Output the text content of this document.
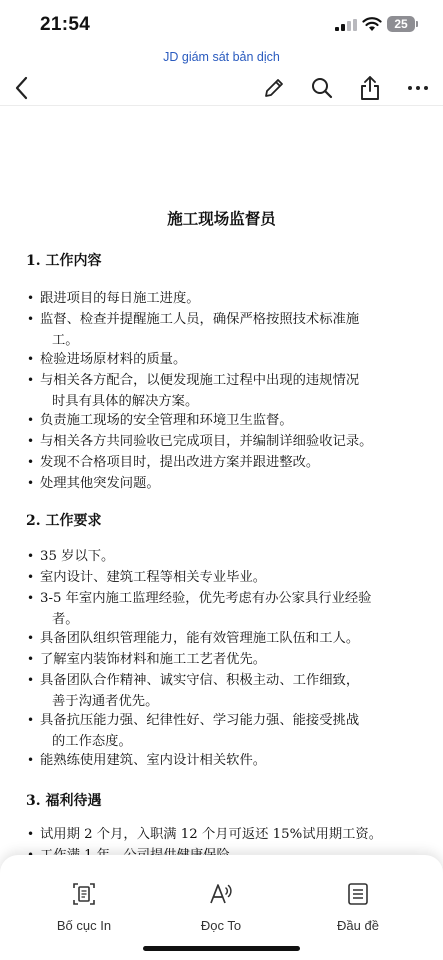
21:54	25
JD giám sát bản dịch
施工现场监督员
1. 工作内容
• 跟进项目的每日施工进度。
• 监督、检查并提醒施工人员，确保严格按照技术标准施
工。
• 检验进场原材料的质量。
• 与相关各方配合，以便发现施工过程中出现的违规情况
时具有具体的解决方案。
• 负责施工现场的安全管理和环境卫生监督。
• 与相关各方共同验收已完成项目，并编制详细验收记录。
• 发现不合格项目时，提出改进方案并跟进整改。
• 处理其他突发问题。
2. 工作要求
• 35 岁以下。
• 室内设计、建筑工程等相关专业毕业。
• 3-5 年室内施工监理经验，优先考虑有办公家具行业经验
者。
• 具备团队组织管理能力，能有效管理施工队伍和工人。
• 了解室内装饰材料和施工工艺者优先。
• 具备团队合作精神、诚实守信、积极主动、工作细致，
善于沟通者优先。
• 具备抗压能力强、纪律性好、学习能力强、能接受挑战
的工作态度。
• 能熟练使用建筑、室内设计相关软件。
3. 福利待遇
• 试用期 2 个月，入职满 12 个月可返还 15%试用期工资。
•
Bố cục In	Đọc To	Đầu đề
